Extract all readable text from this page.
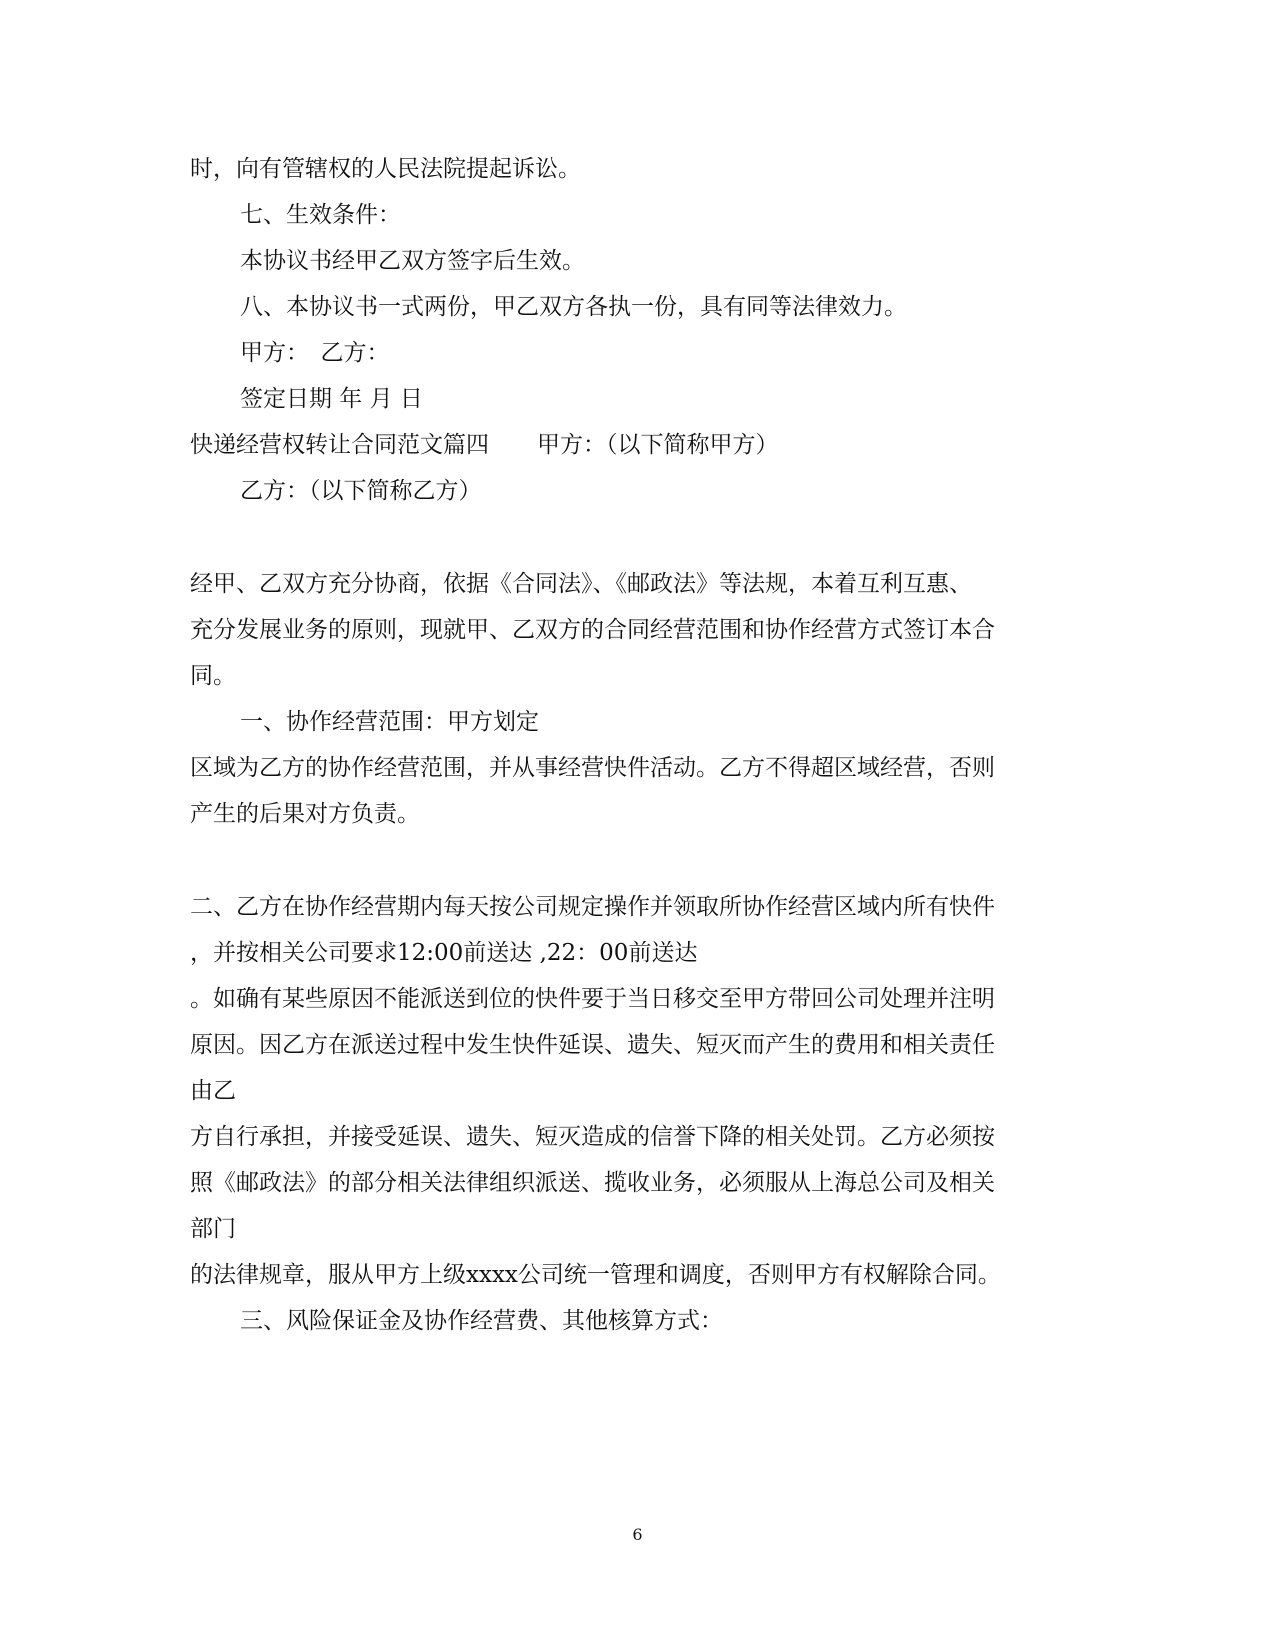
时，向有管辖权的人民法院提起诉讼。
七、生效条件：
本协议书经甲乙双方签字后生效。
八、本协议书一式两份，甲乙双方各执一份，具有同等法律效力。
甲方：　乙方：
签定日期 年 月 日
快递经营权转让合同范文篇四 甲方：（以下简称甲方）
乙方：（以下简称乙方）
经甲、乙双方充分协商，依据《合同法》、《邮政法》等法规，本着互利互惠、
充分发展业务的原则，现就甲、乙双方的合同经营范围和协作经营方式签订本合
同。
一、协作经营范围：甲方划定
区域为乙方的协作经营范围，并从事经营快件活动。乙方不得超区域经营，否则
产生的后果对方负责。
二、乙方在协作经营期内每天按公司规定操作并领取所协作经营区域内所有快件
，并按相关公司要求12:00前送达 ,22：00前送达
。如确有某些原因不能派送到位的快件要于当日移交至甲方带回公司处理并注明
原因。因乙方在派送过程中发生快件延误、遗失、短灭而产生的费用和相关责任
由乙
方自行承担，并接受延误、遗失、短灭造成的信誉下降的相关处罚。乙方必须按
照《邮政法》的部分相关法律组织派送、揽收业务，必须服从上海总公司及相关
部门
的法律规章，服从甲方上级xxxx公司统一管理和调度，否则甲方有权解除合同。
三、风险保证金及协作经营费、其他核算方式：
6
